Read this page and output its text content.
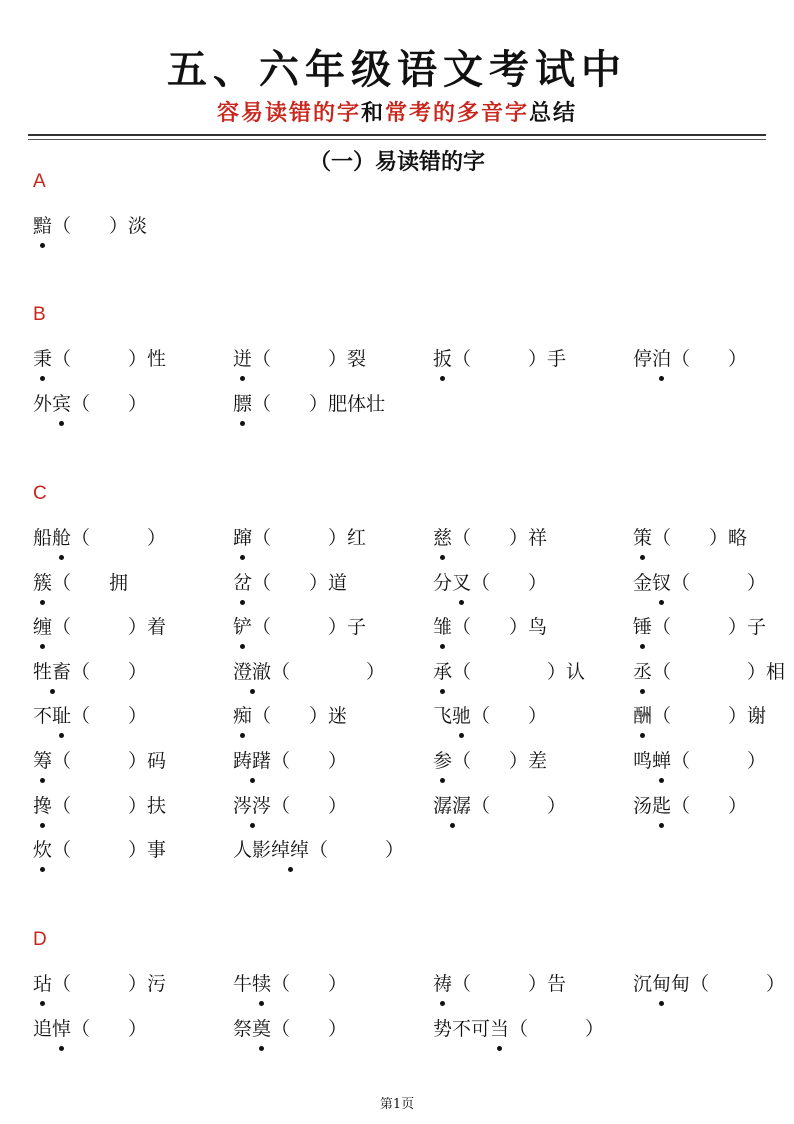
五、六年级语文考试中
容易读错的字和常考的多音字总结
（一）易读错的字
A
黯（　　）淡
B
秉（　　　）性	迸（　　　）裂	扳（　　　）手	停泊（　　）
外宾（　　）	膘（　　）肥体壮
C
船舱（　　　）	蹿（　　　）红	慈（　　）祥	策（　　）略
簇（　　拥	岔（　　）道	分叉（　　）	金钗（　　　）
缠（　　　）着	铲（　　　）子	雏（　　）鸟	锤（　　　）子
牲畜（　　）	澄澈（　　　　）	承（　　　　）认	丞（　　　　）相
不耻（　　）	痴（　　）迷	飞驰（　　）	酬（　　　）谢
筹（　　　）码	踌躇（　　）	参（　　）差	鸣蝉（　　　）
搀（　　　）扶	涔涔（　　）	潺潺（　　　）	汤匙（　　）
炊（　　　）事	人影绰绰（　　　）
D
玷（　　　）污	牛犊（　　）	祷（　　　）告	沉甸甸（　　　）
追悼（　　）	祭奠（　　）	势不可当（　　　）
第1页
